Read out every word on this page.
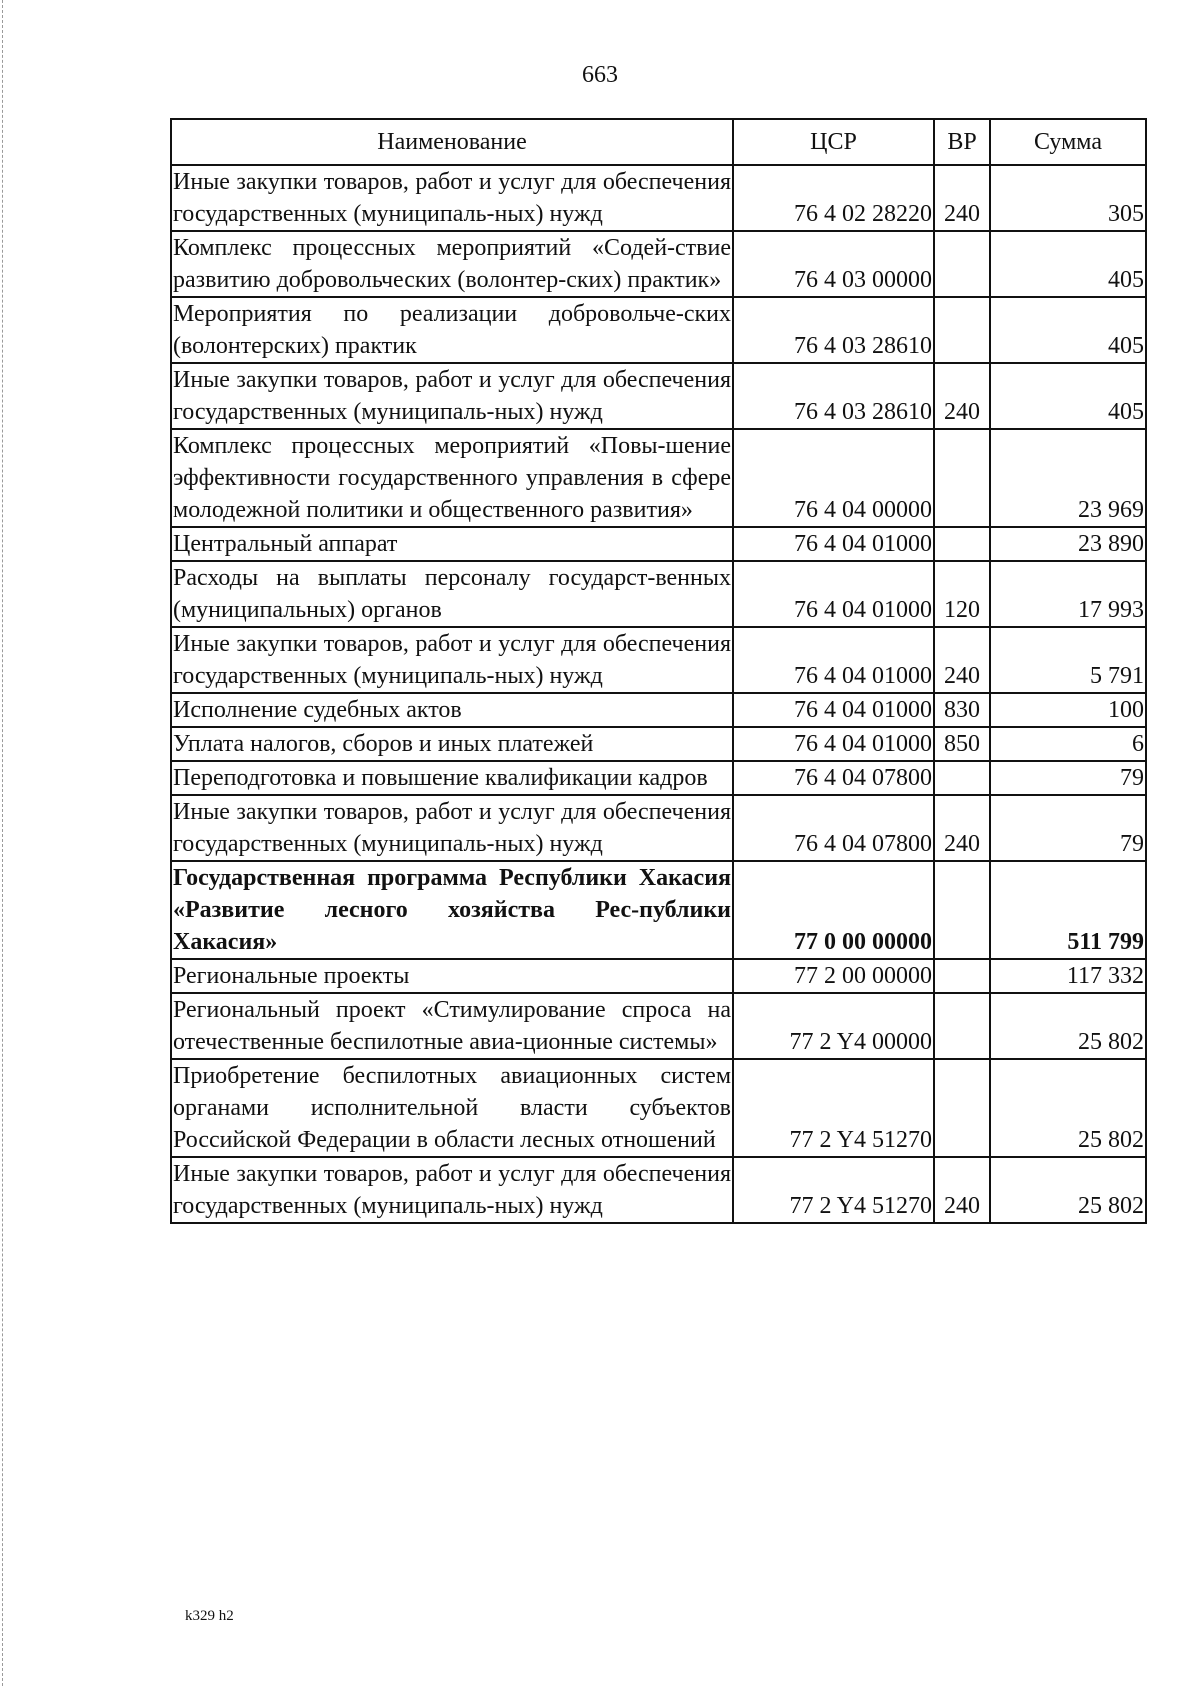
663
Наименование	ЦСР	ВР	Сумма
Иные закупки товаров, работ и услуг для обеспечения государственных (муниципаль-ных) нужд	76 4 02 28220	240	305
Комплекс процессных мероприятий «Содей-ствие развитию добровольческих (волонтер-ских) практик»	76 4 03 00000		405
Мероприятия по реализации добровольче-ских (волонтерских) практик	76 4 03 28610		405
Иные закупки товаров, работ и услуг для обеспечения государственных (муниципаль-ных) нужд	76 4 03 28610	240	405
Комплекс процессных мероприятий «Повы-шение эффективности государственного управления в сфере молодежной политики и общественного развития»	76 4 04 00000		23 969
Центральный аппарат	76 4 04 01000		23 890
Расходы на выплаты персоналу государст-венных (муниципальных) органов	76 4 04 01000	120	17 993
Иные закупки товаров, работ и услуг для обеспечения государственных (муниципаль-ных) нужд	76 4 04 01000	240	5 791
Исполнение судебных актов	76 4 04 01000	830	100
Уплата налогов, сборов и иных платежей	76 4 04 01000	850	6
Переподготовка и повышение квалификации кадров	76 4 04 07800		79
Иные закупки товаров, работ и услуг для обеспечения государственных (муниципаль-ных) нужд	76 4 04 07800	240	79
Государственная программа Республики Хакасия «Развитие лесного хозяйства Рес-публики Хакасия»	77 0 00 00000		511 799
Региональные проекты	77 2 00 00000		117 332
Региональный проект «Стимулирование спроса на отечественные беспилотные авиа-ционные системы»	77 2 Y4 00000		25 802
Приобретение беспилотных авиационных систем органами исполнительной власти субъектов Российской Федерации в области лесных отношений	77 2 Y4 51270		25 802
Иные закупки товаров, работ и услуг для обеспечения государственных (муниципаль-ных) нужд	77 2 Y4 51270	240	25 802
k329 h2
